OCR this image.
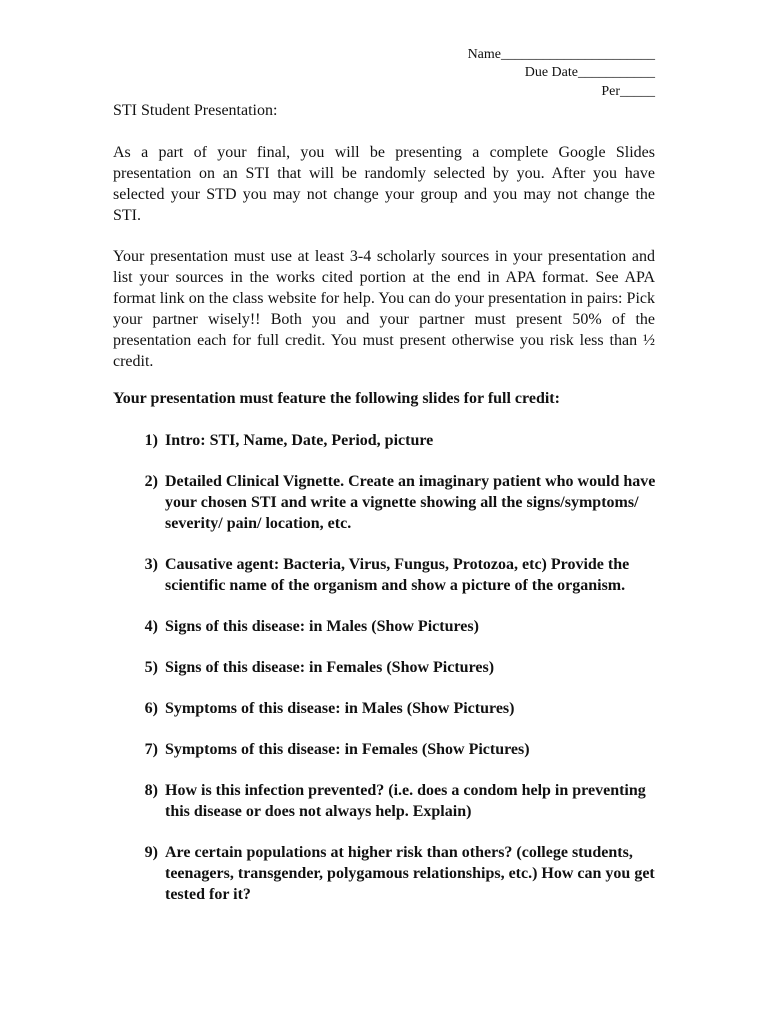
Name______________________
Due Date___________
Per_____
STI Student Presentation:
As a part of your final, you will be presenting a complete Google Slides presentation on an STI that will be randomly selected by you. After you have selected your STD you may not change your group and you may not change the STI.
Your presentation must use at least 3-4 scholarly sources in your presentation and list your sources in the works cited portion at the end in APA format. See APA format link on the class website for help. You can do your presentation in pairs: Pick your partner wisely!! Both you and your partner must present 50% of the presentation each for full credit. You must present otherwise you risk less than ½ credit.
Your presentation must feature the following slides for full credit:
1) Intro: STI, Name, Date, Period, picture
2) Detailed Clinical Vignette. Create an imaginary patient who would have your chosen STI and write a vignette showing all the signs/symptoms/ severity/ pain/ location, etc.
3) Causative agent: Bacteria, Virus, Fungus, Protozoa, etc) Provide the scientific name of the organism and show a picture of the organism.
4) Signs of this disease: in Males (Show Pictures)
5) Signs of this disease: in Females (Show Pictures)
6) Symptoms of this disease: in Males (Show Pictures)
7) Symptoms of this disease: in Females (Show Pictures)
8) How is this infection prevented? (i.e. does a condom help in preventing this disease or does not always help. Explain)
9) Are certain populations at higher risk than others? (college students, teenagers, transgender, polygamous relationships, etc.) How can you get tested for it?
